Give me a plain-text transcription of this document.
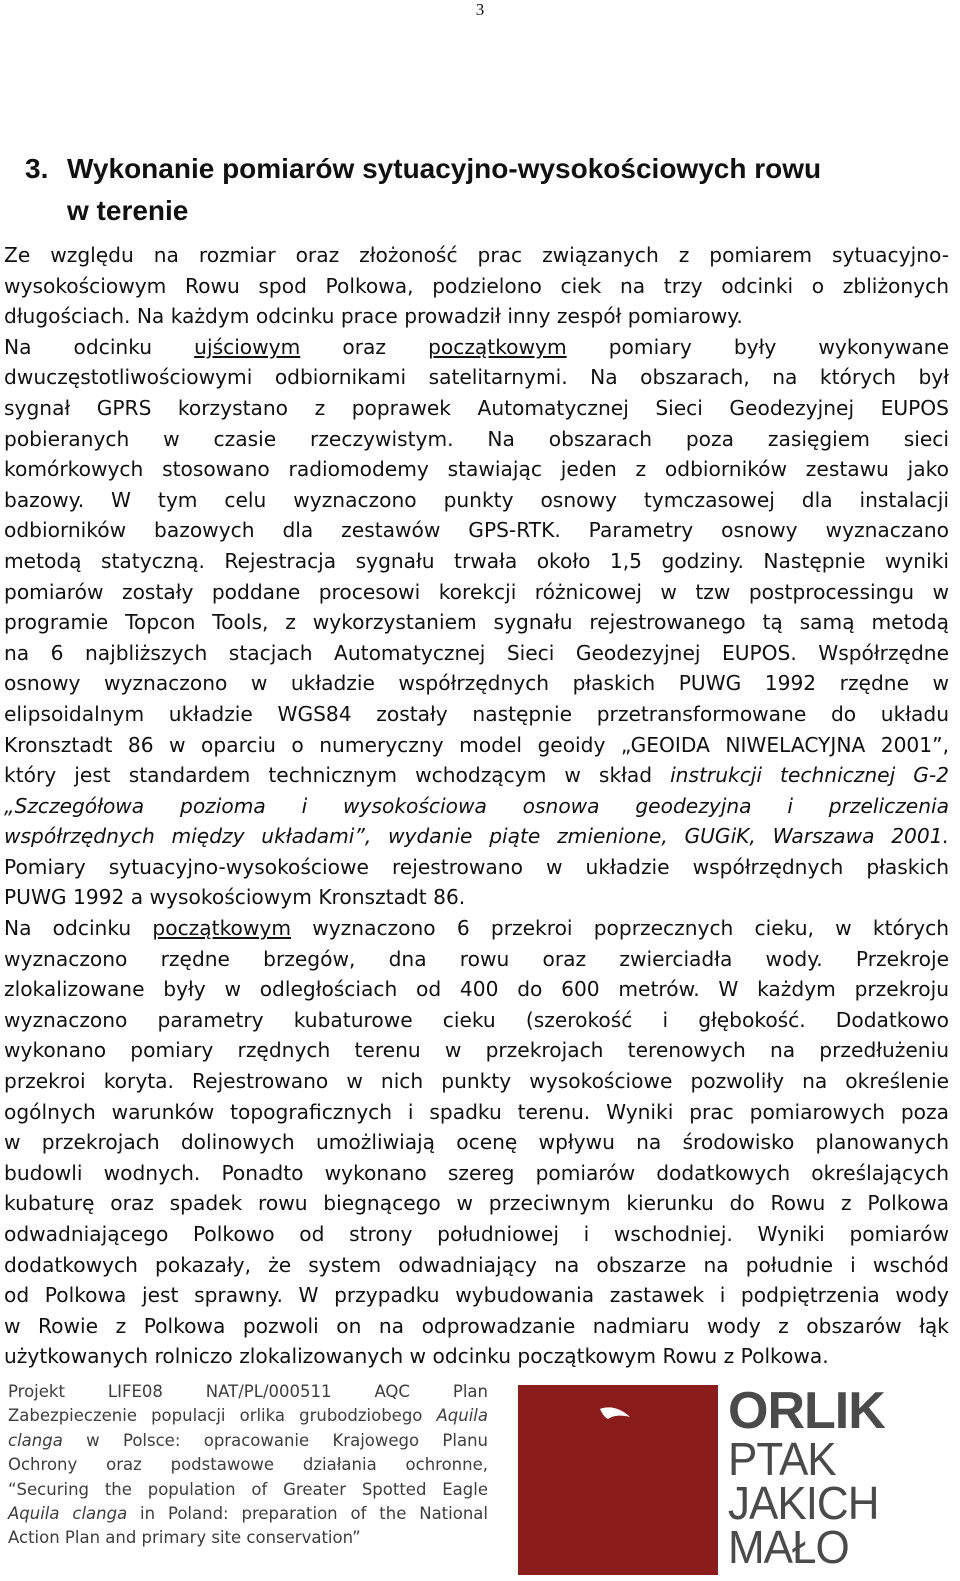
3
3. Wykonanie pomiarów sytuacyjno-wysokościowych rowu
w terenie

Ze względu na rozmiar oraz złożoność prac związanych z pomiarem sytuacyjno-

wysokościowym Rowu spod Polkowa, podzielono ciek na trzy odcinki o zbliżonych

długościach. Na każdym odcinku prace prowadził inny zespół pomiarowy.

Na odcinku ujściowym oraz początkowym pomiary były wykonywane

dwuczęstotliwościowymi odbiornikami satelitarnymi. Na obszarach, na których był

sygnał GPRS korzystano z poprawek Automatycznej Sieci Geodezyjnej EUPOS

pobieranych w czasie rzeczywistym. Na obszarach poza zasięgiem sieci

komórkowych stosowano radiomodemy stawiając jeden z odbiorników zestawu jako

bazowy. W tym celu wyznaczono punkty osnowy tymczasowej dla instalacji

odbiorników bazowych dla zestawów GPS-RTK. Parametry osnowy wyznaczano

metodą statyczną. Rejestracja sygnału trwała około 1,5 godziny. Następnie wyniki

pomiarów zostały poddane procesowi korekcji różnicowej w tzw postprocessingu w

programie Topcon Tools, z wykorzystaniem sygnału rejestrowanego tą samą metodą

na 6 najbliższych stacjach Automatycznej Sieci Geodezyjnej EUPOS. Współrzędne

osnowy wyznaczono w układzie współrzędnych płaskich PUWG 1992 rzędne w

elipsoidalnym układzie WGS84 zostały następnie przetransformowane do układu

Kronsztadt 86 w oparciu o numeryczny model geoidy „GEOIDA NIWELACYJNA 2001”,

który jest standardem technicznym wchodzącym w skład instrukcji technicznej G-2

„Szczegółowa pozioma i wysokościowa osnowa geodezyjna i przeliczenia

współrzędnych między układami”, wydanie piąte zmienione, GUGiK, Warszawa 2001.

Pomiary sytuacyjno-wysokościowe rejestrowano w układzie współrzędnych płaskich

PUWG 1992 a wysokościowym Kronsztadt 86.

Na odcinku początkowym wyznaczono 6 przekroi poprzecznych cieku, w których

wyznaczono rzędne brzegów, dna rowu oraz zwierciadła wody. Przekroje

zlokalizowane były w odległościach od 400 do 600 metrów. W każdym przekroju

wyznaczono parametry kubaturowe cieku (szerokość i głębokość. Dodatkowo

wykonano pomiary rzędnych terenu w przekrojach terenowych na przedłużeniu

przekroi koryta. Rejestrowano w nich punkty wysokościowe pozwoliły na określenie

ogólnych warunków topograficznych i spadku terenu. Wyniki prac pomiarowych poza

w przekrojach dolinowych umożliwiają ocenę wpływu na środowisko planowanych

budowli wodnych. Ponadto wykonano szereg pomiarów dodatkowych określających

kubaturę oraz spadek rowu biegnącego w przeciwnym kierunku do Rowu z Polkowa

odwadniającego Polkowo od strony południowej i wschodniej. Wyniki pomiarów

dodatkowych pokazały, że system odwadniający na obszarze na południe i wschód

od Polkowa jest sprawny. W przypadku wybudowania zastawek i podpiętrzenia wody

w Rowie z Polkowa pozwoli on na odprowadzanie nadmiaru wody z obszarów łąk

użytkowanych rolniczo zlokalizowanych w odcinku początkowym Rowu z Polkowa.

Projekt LIFE08 NAT/PL/000511 AQC Plan
Zabezpieczenie populacji orlika grubodziobego Aquila
clanga w Polsce: opracowanie Krajowego Planu
Ochrony oraz podstawowe działania ochronne,
“Securing the population of Greater Spotted Eagle
Aquila clanga in Poland: preparation of the National
Action Plan and primary site conservation”
ORLIK
PTAK
JAKICH
MAŁO
